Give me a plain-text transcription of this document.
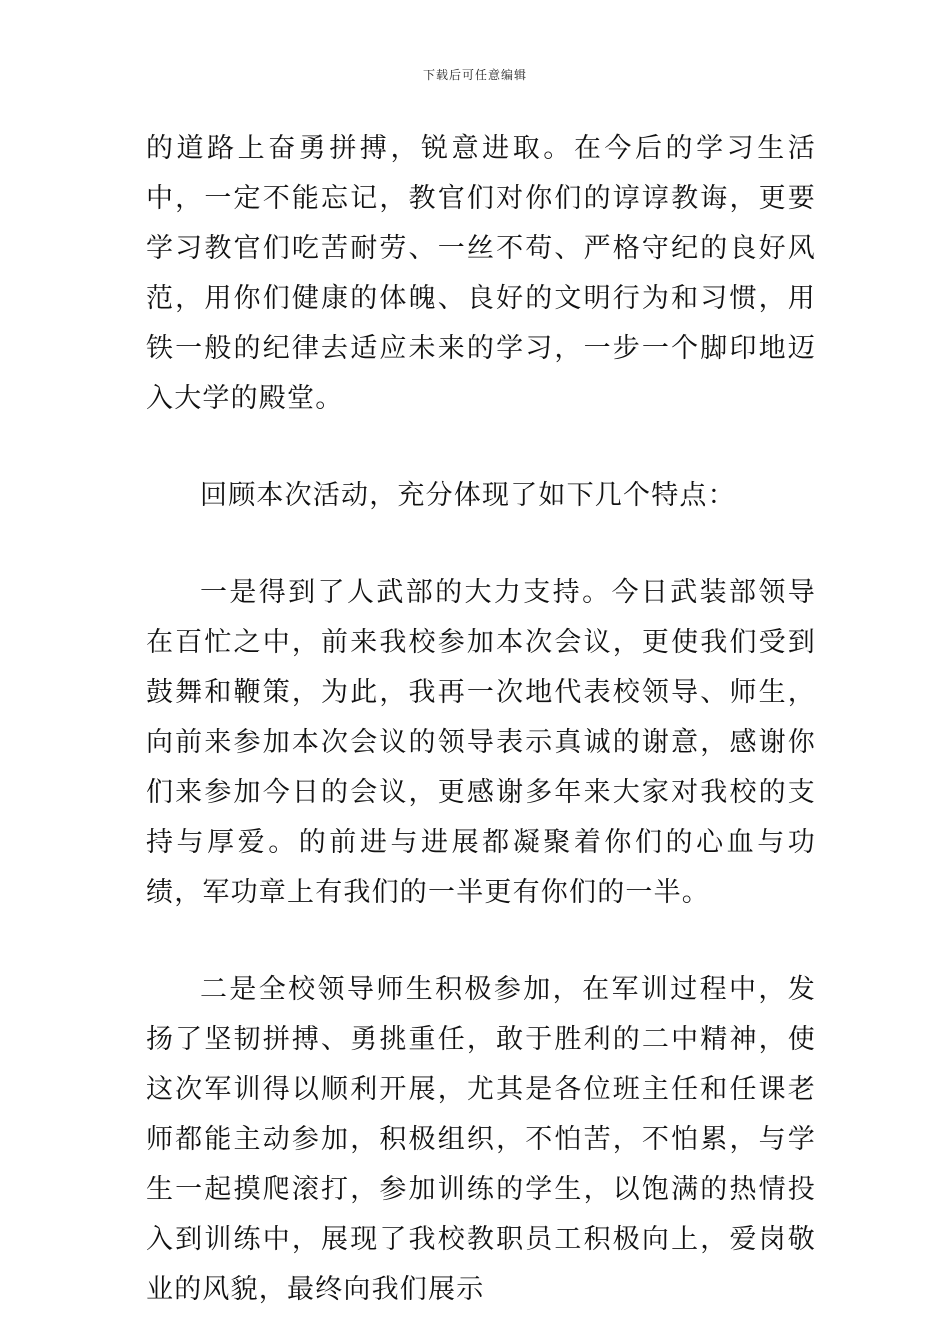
下载后可任意编辑

的道路上奋勇拼搏，锐意进取。在今后的学习生活中，一定不能忘记，教官们对你们的谆谆教诲，更要学习教官们吃苦耐劳、一丝不苟、严格守纪的良好风范，用你们健康的体魄、良好的文明行为和习惯，用铁一般的纪律去适应未来的学习，一步一个脚印地迈入大学的殿堂。

回顾本次活动，充分体现了如下几个特点：

一是得到了人武部的大力支持。今日武装部领导在百忙之中，前来我校参加本次会议，更使我们受到鼓舞和鞭策，为此，我再一次地代表校领导、师生，向前来参加本次会议的领导表示真诚的谢意，感谢你们来参加今日的会议，更感谢多年来大家对我校的支持与厚爱。的前进与进展都凝聚着你们的心血与功绩，军功章上有我们的一半更有你们的一半。

二是全校领导师生积极参加，在军训过程中，发扬了坚韧拼搏、勇挑重任，敢于胜利的二中精神，使这次军训得以顺利开展，尤其是各位班主任和任课老师都能主动参加，积极组织，不怕苦，不怕累，与学生一起摸爬滚打，参加训练的学生，以饱满的热情投入到训练中，展现了我校教职员工积极向上，爱岗敬业的风貌，最终向我们展示
